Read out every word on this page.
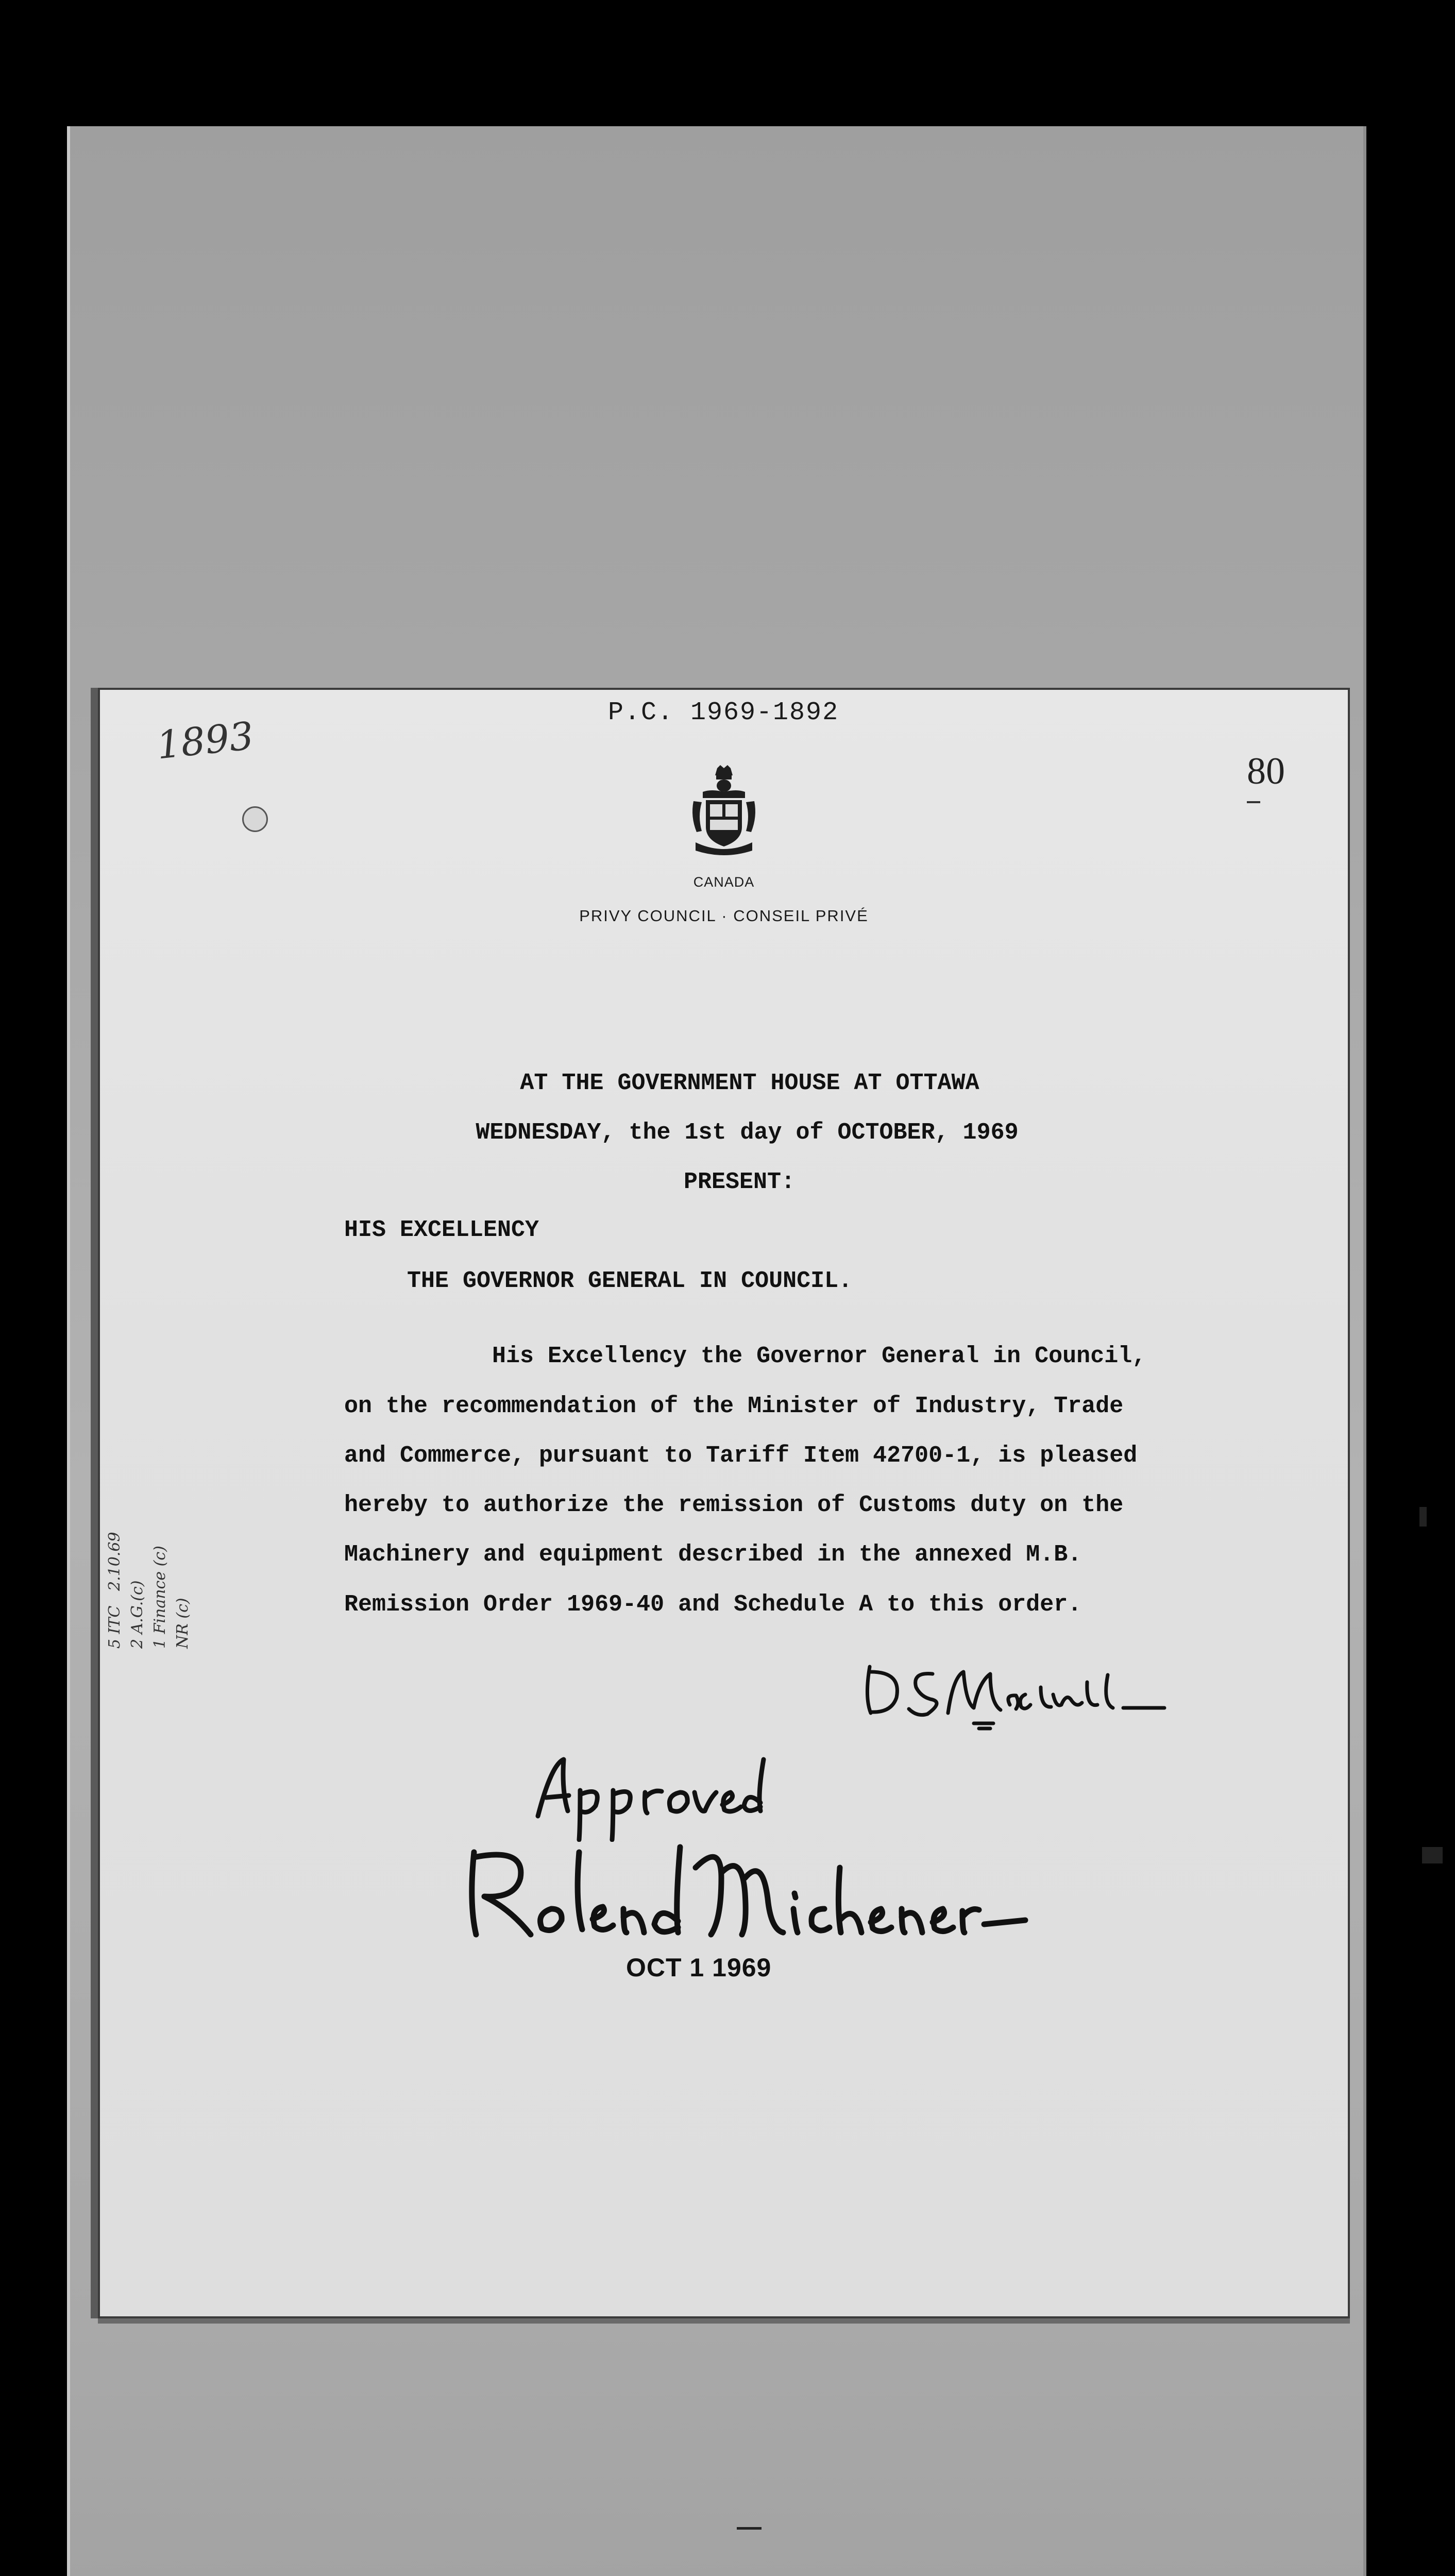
P.C. 1969-1892
80
1893
CANADA
PRIVY COUNCIL · CONSEIL PRIVÉ
AT THE GOVERNMENT HOUSE AT OTTAWA
WEDNESDAY, the 1st day of OCTOBER, 1969
PRESENT:
HIS EXCELLENCY
THE GOVERNOR GENERAL IN COUNCIL.
His Excellency the Governor General in Council,
on the recommendation of the Minister of Industry, Trade
and Commerce, pursuant to Tariff Item 42700-1, is pleased
hereby to authorize the remission of Customs duty on the
Machinery and equipment described in the annexed M.B.
Remission Order 1969-40 and Schedule A to this order.
5 ITC   2.10.69 2 A.G.(c) 1 Finance (c) NR (c)
OCT 1 1969
